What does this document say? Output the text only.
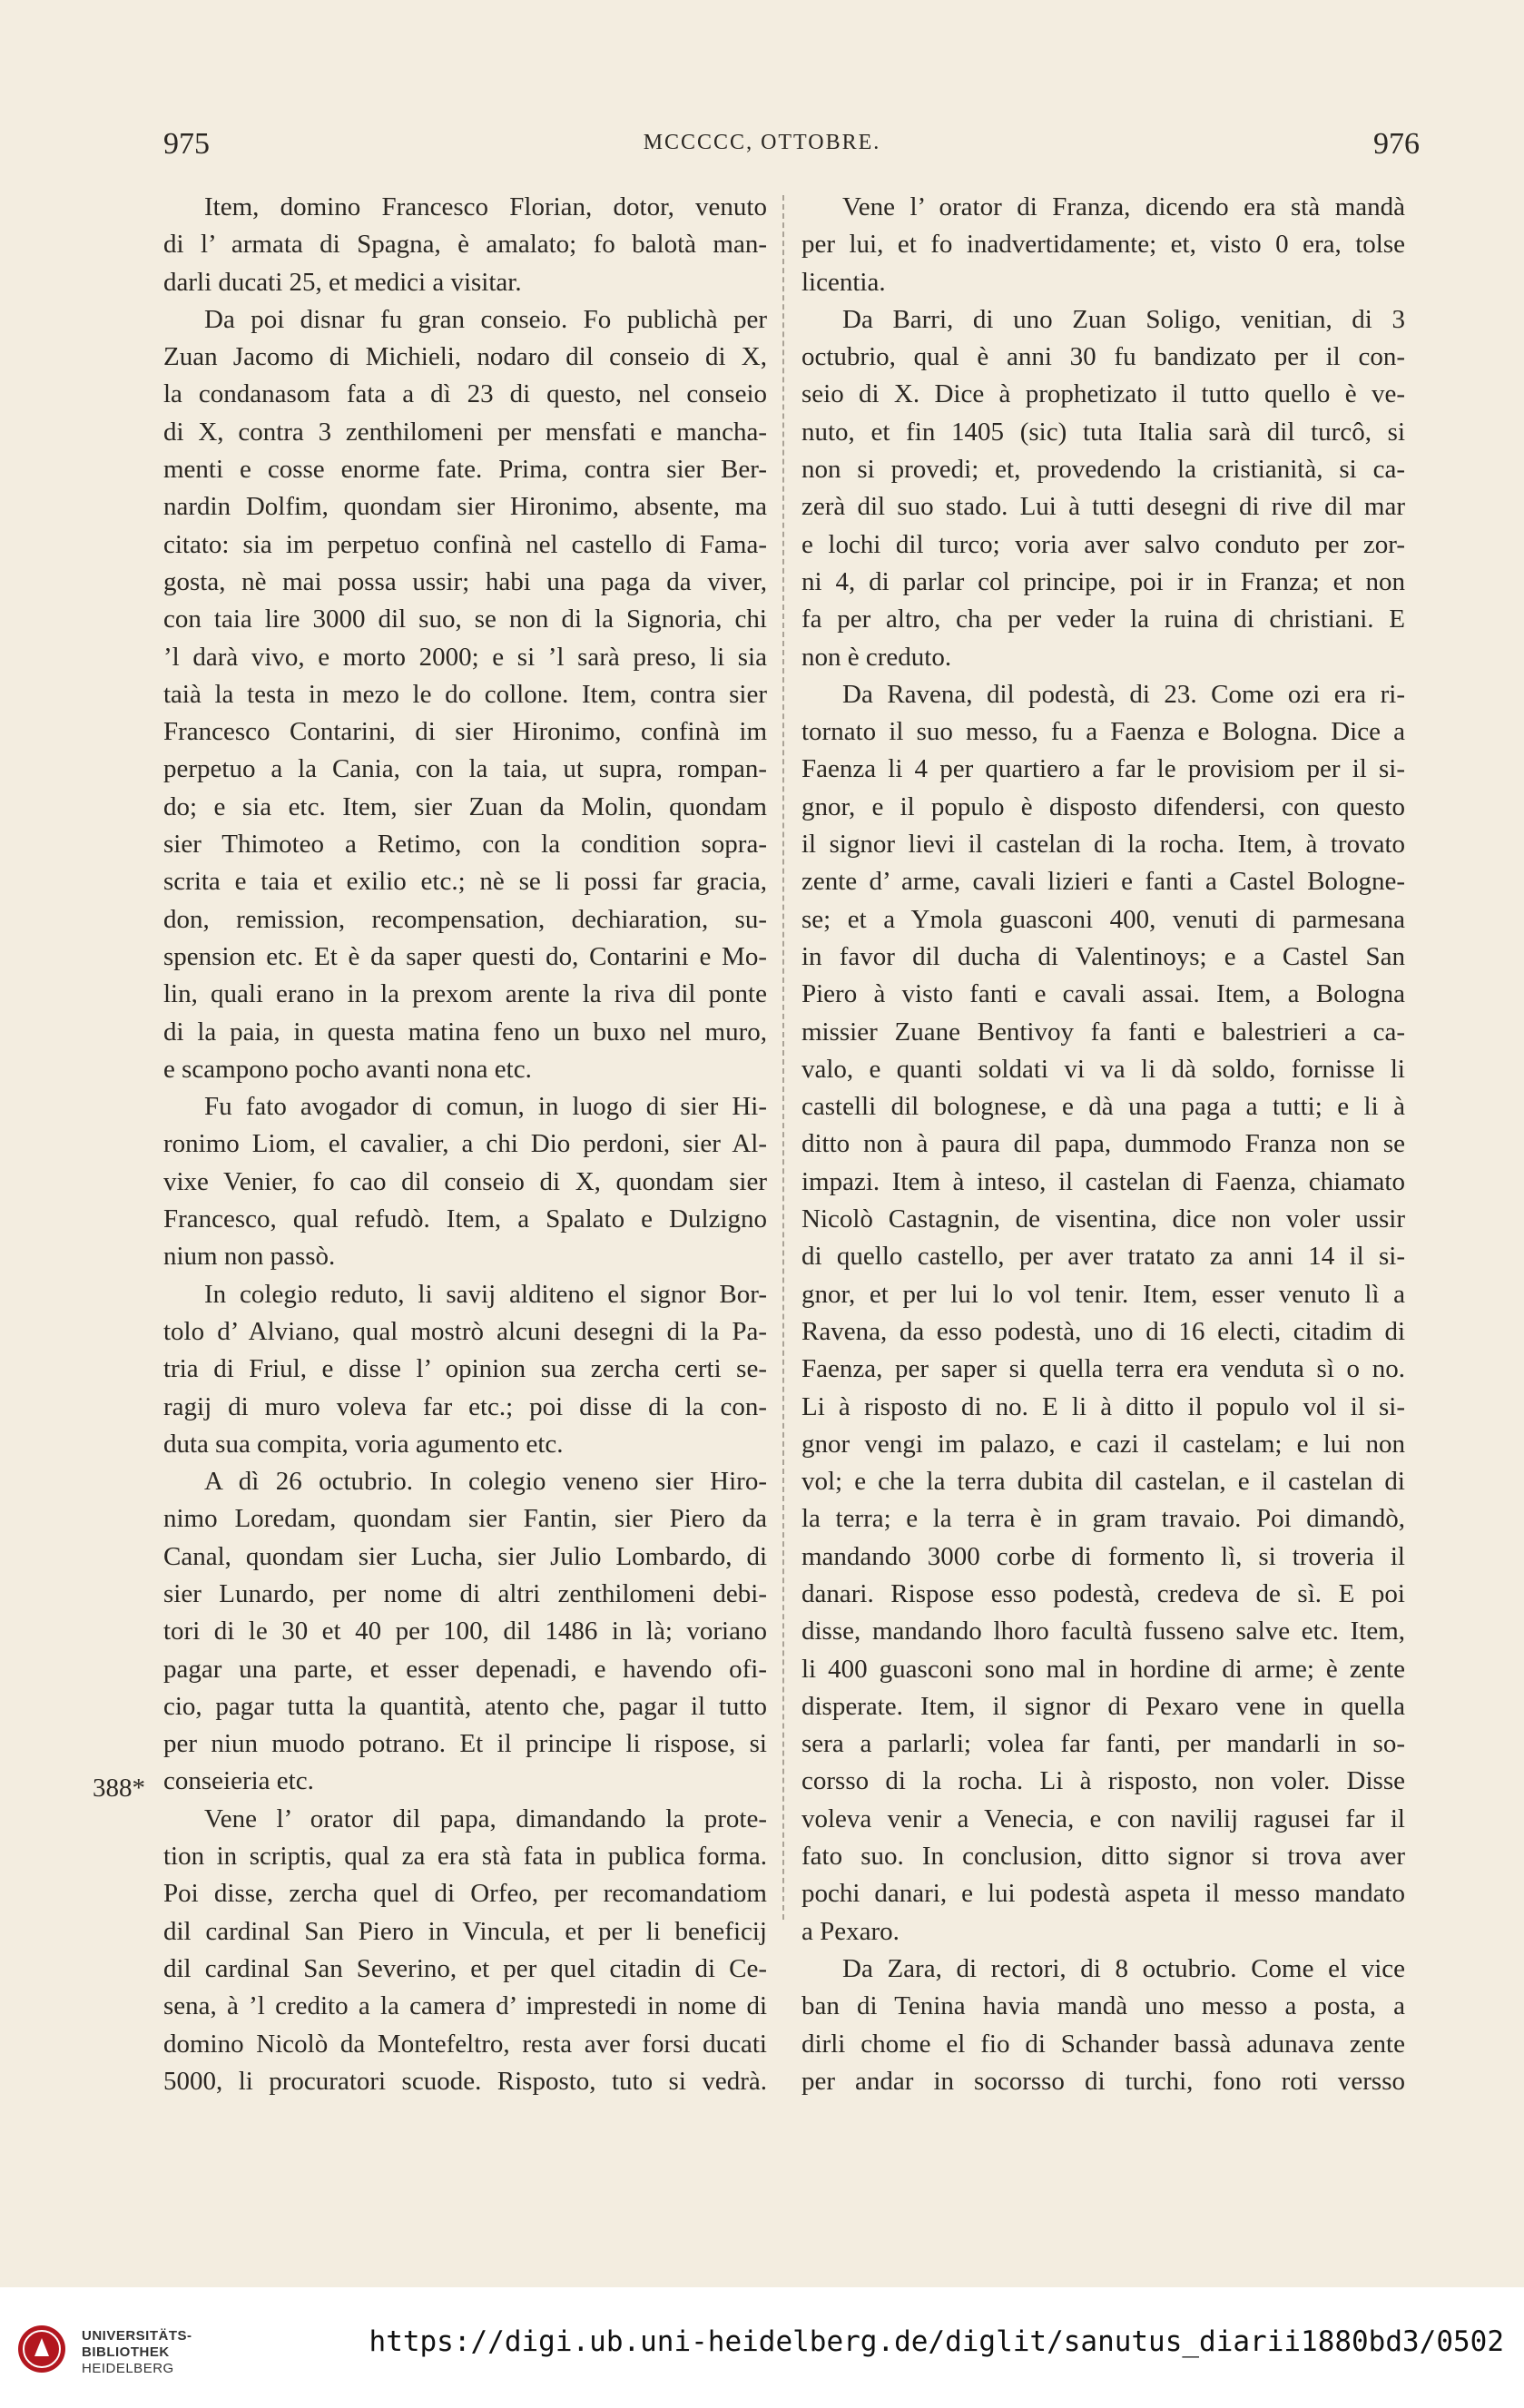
975	MCCCCC, OTTOBRE.	976
Item, domino Francesco Florian, dotor, venuto
di l’ armata di Spagna, è amalato; fo balotà man-
darli ducati 25, et medici a visitar.
Da poi disnar fu gran conseio. Fo publichà per
Zuan Jacomo di Michieli, nodaro dil conseio di X,
la condanasom fata a dì 23 di questo, nel conseio
di X, contra 3 zenthilomeni per mensfati e mancha-
menti e cosse enorme fate. Prima, contra sier Ber-
nardin Dolfim, quondam sier Hironimo, absente, ma
citato: sia im perpetuo confinà nel castello di Fama-
gosta, nè mai possa ussir; habi una paga da viver,
con taia lire 3000 dil suo, se non di la Signoria, chi
’l darà vivo, e morto 2000; e si ’l sarà preso, li sia
taià la testa in mezo le do collone. Item, contra sier
Francesco Contarini, di sier Hironimo, confinà im
perpetuo a la Cania, con la taia, ut supra, rompan-
do; e sia etc. Item, sier Zuan da Molin, quondam
sier Thimoteo a Retimo, con la condition sopra-
scrita e taia et exilio etc.; nè se li possi far gracia,
don, remission, recompensation, dechiaration, su-
spension etc. Et è da saper questi do, Contarini e Mo-
lin, quali erano in la prexom arente la riva dil ponte
di la paia, in questa matina feno un buxo nel muro,
e scampono pocho avanti nona etc.
Fu fato avogador di comun, in luogo di sier Hi-
ronimo Liom, el cavalier, a chi Dio perdoni, sier Al-
vixe Venier, fo cao dil conseio di X, quondam sier
Francesco, qual refudò. Item, a Spalato e Dulzigno
nium non passò.
In colegio reduto, li savij alditeno el signor Bor-
tolo d’ Alviano, qual mostrò alcuni desegni di la Pa-
tria di Friul, e disse l’ opinion sua zercha certi se-
ragij di muro voleva far etc.; poi disse di la con-
duta sua compita, voria agumento etc.
A dì 26 octubrio. In colegio veneno sier Hiro-
nimo Loredam, quondam sier Fantin, sier Piero da
Canal, quondam sier Lucha, sier Julio Lombardo, di
sier Lunardo, per nome di altri zenthilomeni debi-
tori di le 30 et 40 per 100, dil 1486 in là; voriano
pagar una parte, et esser depenadi, e havendo ofi-
cio, pagar tutta la quantità, atento che, pagar il tutto
per niun muodo potrano. Et il principe li rispose, si
conseieria etc.
Vene l’ orator dil papa, dimandando la prote-
tion in scriptis, qual za era stà fata in publica forma.
Poi disse, zercha quel di Orfeo, per recomandatiom
dil cardinal San Piero in Vincula, et per li beneficij
dil cardinal San Severino, et per quel citadin di Ce-
sena, à ’l credito a la camera d’ imprestedi in nome di
domino Nicolò da Montefeltro, resta aver forsi ducati
5000, li procuratori scuode. Risposto, tuto si vedrà.
Vene l’ orator di Franza, dicendo era stà mandà
per lui, et fo inadvertidamente; et, visto 0 era, tolse
licentia.
Da Barri, di uno Zuan Soligo, venitian, di 3
octubrio, qual è anni 30 fu bandizato per il con-
seio di X. Dice à prophetizato il tutto quello è ve-
nuto, et fin 1405 (sic) tuta Italia sarà dil turcô, si
non si provedi; et, provedendo la cristianità, si ca-
zerà dil suo stado. Lui à tutti desegni di rive dil mar
e lochi dil turco; voria aver salvo conduto per zor-
ni 4, di parlar col principe, poi ir in Franza; et non
fa per altro, cha per veder la ruina di christiani. E
non è creduto.
Da Ravena, dil podestà, di 23. Come ozi era ri-
tornato il suo messo, fu a Faenza e Bologna. Dice a
Faenza li 4 per quartiero a far le provisiom per il si-
gnor, e il populo è disposto difendersi, con questo
il signor lievi il castelan di la rocha. Item, à trovato
zente d’ arme, cavali lizieri e fanti a Castel Bologne-
se; et a Ymola guasconi 400, venuti di parmesana
in favor dil ducha di Valentinoys; e a Castel San
Piero à visto fanti e cavali assai. Item, a Bologna
missier Zuane Bentivoy fa fanti e balestrieri a ca-
valo, e quanti soldati vi va li dà soldo, fornisse li
castelli dil bolognese, e dà una paga a tutti; e li à
ditto non à paura dil papa, dummodo Franza non se
impazi. Item à inteso, il castelan di Faenza, chiamato
Nicolò Castagnin, de visentina, dice non voler ussir
di quello castello, per aver tratato za anni 14 il si-
gnor, et per lui lo vol tenir. Item, esser venuto lì a
Ravena, da esso podestà, uno di 16 electi, citadim di
Faenza, per saper si quella terra era venduta sì o no.
Li à risposto di no. E li à ditto il populo vol il si-
gnor vengi im palazo, e cazi il castelam; e lui non
vol; e che la terra dubita dil castelan, e il castelan di
la terra; e la terra è in gram travaio. Poi dimandò,
mandando 3000 corbe di formento lì, si troveria il
danari. Rispose esso podestà, credeva de sì. E poi
disse, mandando lhoro facultà fusseno salve etc. Item,
li 400 guasconi sono mal in hordine di arme; è zente
disperate. Item, il signor di Pexaro vene in quella
sera a parlarli; volea far fanti, per mandarli in so-
corsso di la rocha. Li à risposto, non voler. Disse
voleva venir a Venecia, e con navilij ragusei far il
fato suo. In conclusion, ditto signor si trova aver
pochi danari, e lui podestà aspeta il messo mandato
a Pexaro.
Da Zara, di rectori, di 8 octubrio. Come el vice
ban di Tenina havia mandà uno messo a posta, a
dirli chome el fio di Schander bassà adunava zente
per andar in socorsso di turchi, fono roti versso
388*
UNIVERSITÄTS-
BIBLIOTHEK
HEIDELBERG
https://digi.ub.uni-heidelberg.de/diglit/sanutus_diarii1880bd3/0502
